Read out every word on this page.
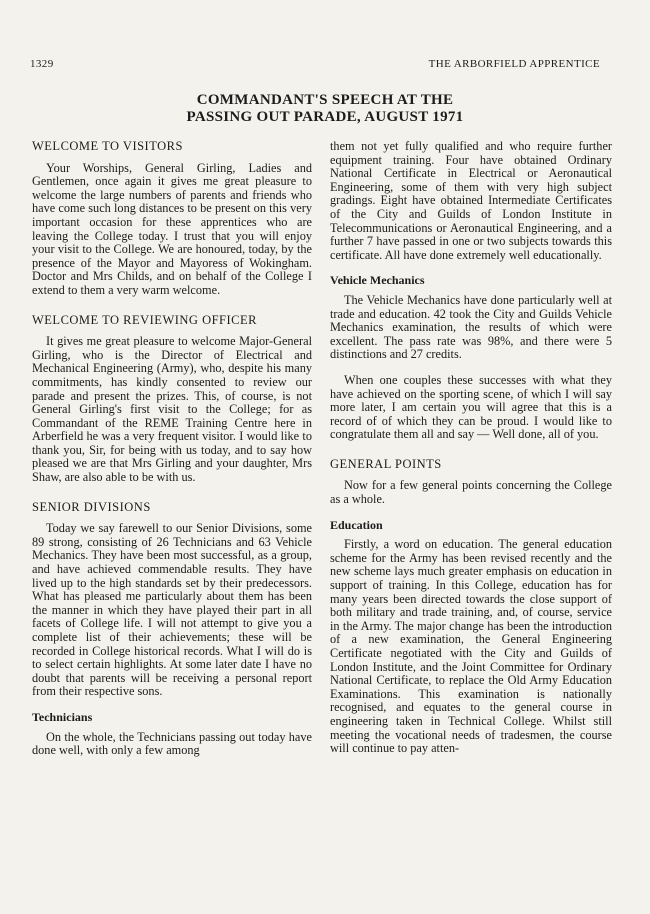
1329	THE ARBORFIELD APPRENTICE
COMMANDANT'S SPEECH AT THE
PASSING OUT PARADE, AUGUST 1971
WELCOME TO VISITORS

Your Worships, General Girling, Ladies and Gentlemen, once again it gives me great pleasure to welcome the large numbers of parents and friends who have come such long distances to be present on this very important occasion for these apprentices who are leaving the College today. I trust that you will enjoy your visit to the College. We are honoured, today, by the presence of the Mayor and Mayoress of Wokingham. Doctor and Mrs Childs, and on behalf of the College I extend to them a very warm welcome.

WELCOME TO REVIEWING OFFICER

It gives me great pleasure to welcome Major-General Girling, who is the Director of Electrical and Mechanical Engineering (Army), who, despite his many commitments, has kindly consented to review our parade and present the prizes. This, of course, is not General Girling's first visit to the College; for as Commandant of the REME Training Centre here in Arberfield he was a very frequent visitor. I would like to thank you, Sir, for being with us today, and to say how pleased we are that Mrs Girling and your daughter, Mrs Shaw, are also able to be with us.

SENIOR DIVISIONS

Today we say farewell to our Senior Divisions, some 89 strong, consisting of 26 Technicians and 63 Vehicle Mechanics. They have been most successful, as a group, and have achieved commendable results. They have lived up to the high standards set by their predecessors. What has pleased me particularly about them has been the manner in which they have played their part in all facets of College life. I will not attempt to give you a complete list of their achievements; these will be recorded in College historical records. What I will do is to select certain highlights. At some later date I have no doubt that parents will be receiving a personal report from their respective sons.

Technicians

On the whole, the Technicians passing out today have done well, with only a few among

them not yet fully qualified and who require further equipment training. Four have obtained Ordinary National Certificate in Electrical or Aeronautical Engineering, some of them with very high subject gradings. Eight have obtained Intermediate Certificates of the City and Guilds of London Institute in Telecommunications or Aeronautical Engineering, and a further 7 have passed in one or two subjects towards this certificate. All have done extremely well educationally.

Vehicle Mechanics

The Vehicle Mechanics have done particularly well at trade and education. 42 took the City and Guilds Vehicle Mechanics examination, the results of which were excellent. The pass rate was 98%, and there were 5 distinctions and 27 credits.

When one couples these successes with what they have achieved on the sporting scene, of which I will say more later, I am certain you will agree that this is a record of of which they can be proud. I would like to congratulate them all and say — Well done, all of you.

GENERAL POINTS

Now for a few general points concerning the College as a whole.

Education

Firstly, a word on education. The general education scheme for the Army has been revised recently and the new scheme lays much greater emphasis on education in support of training. In this College, education has for many years been directed towards the close support of both military and trade training, and, of course, service in the Army. The major change has been the introduction of a new examination, the General Engineering Certificate negotiated with the City and Guilds of London Institute, and the Joint Committee for Ordinary National Certificate, to replace the Old Army Education Examinations. This examination is nationally recognised, and equates to the general course in engineering taken in Technical College. Whilst still meeting the vocational needs of tradesmen, the course will continue to pay atten-
